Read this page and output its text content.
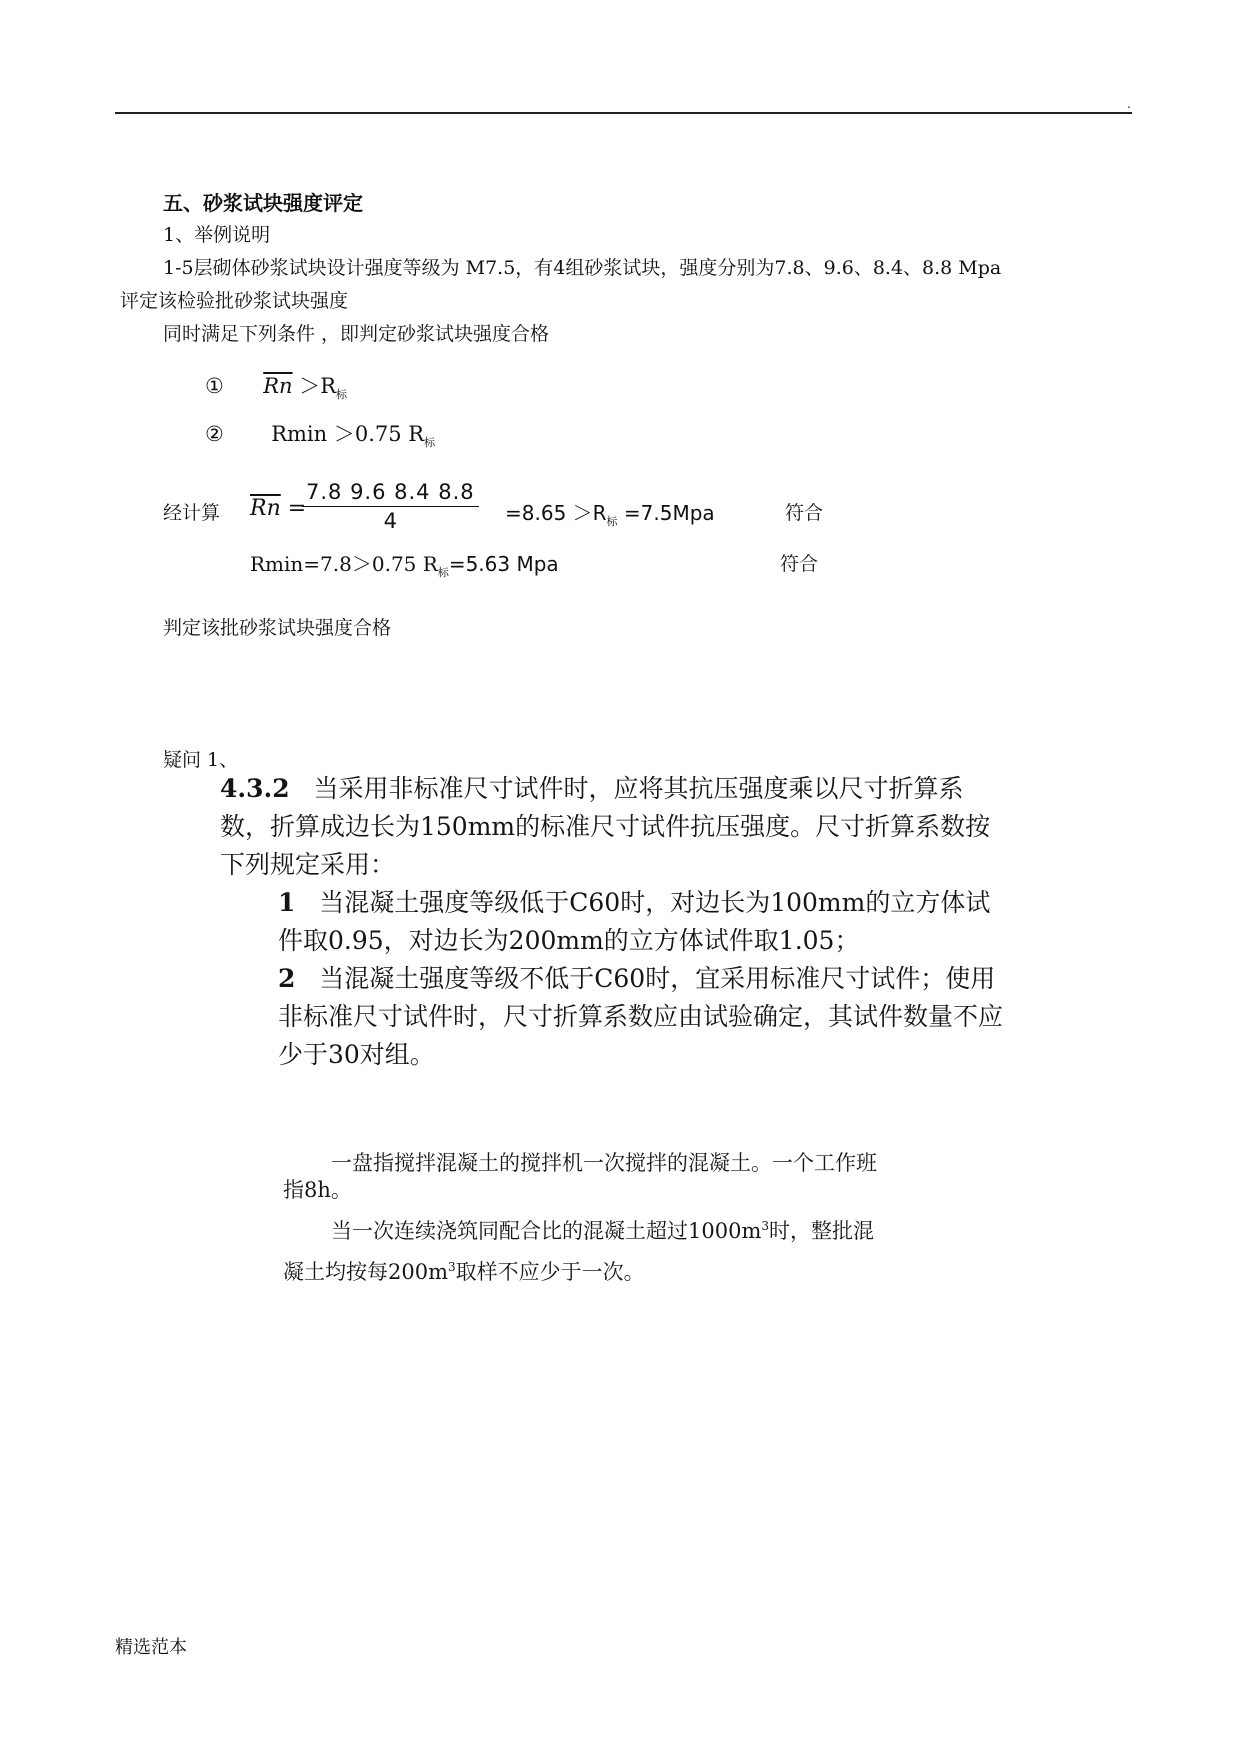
.
五、砂浆试块强度评定
1、举例说明
1-5层砌体砂浆试块设计强度等级为 M7.5，有4组砂浆试块，强度分别为7.8、9.6、8.4、8.8 Mpa
评定该检验批砂浆试块强度
同时满足下列条件 ，即判定砂浆试块强度合格
① $\overline{Rn} >R_标$
② Rmin ＞0.75 $R_标$
经计算 $\overline{Rn}$ =
$\frac{7.8 9.6 8.4 8.8}{4} =8.65 >R_标 =7.5Mpa$	符合
Rmin=7.8＞0.75 $R_标=5.63$ Mpa	符合
判定该批砂浆试块强度合格
疑问 1、

4.3.2 当采用非标准尺寸试件时，应将其抗压强度乘以尺寸折算系数，折算成边长为150mm的标准尺寸试件抗压强度。尺寸折算系数按下列规定采用：

1 当混凝土强度等级低于C60时，对边长为100mm的立方体试件取0.95，对边长为200mm的立方体试件取1.05；

2 当混凝土强度等级不低于C60时，宜采用标准尺寸试件；使用非标准尺寸试件时，尺寸折算系数应由试验确定，其试件数量不应少于30对组。

一盘指搅拌混凝土的搅拌机一次搅拌的混凝土。一个工作班

指8h。

当一次连续浇筑同配合比的混凝土超过$1000m^3$时，整批混

凝土均按每$200m^3$取样不应少于一次。

精选范本
